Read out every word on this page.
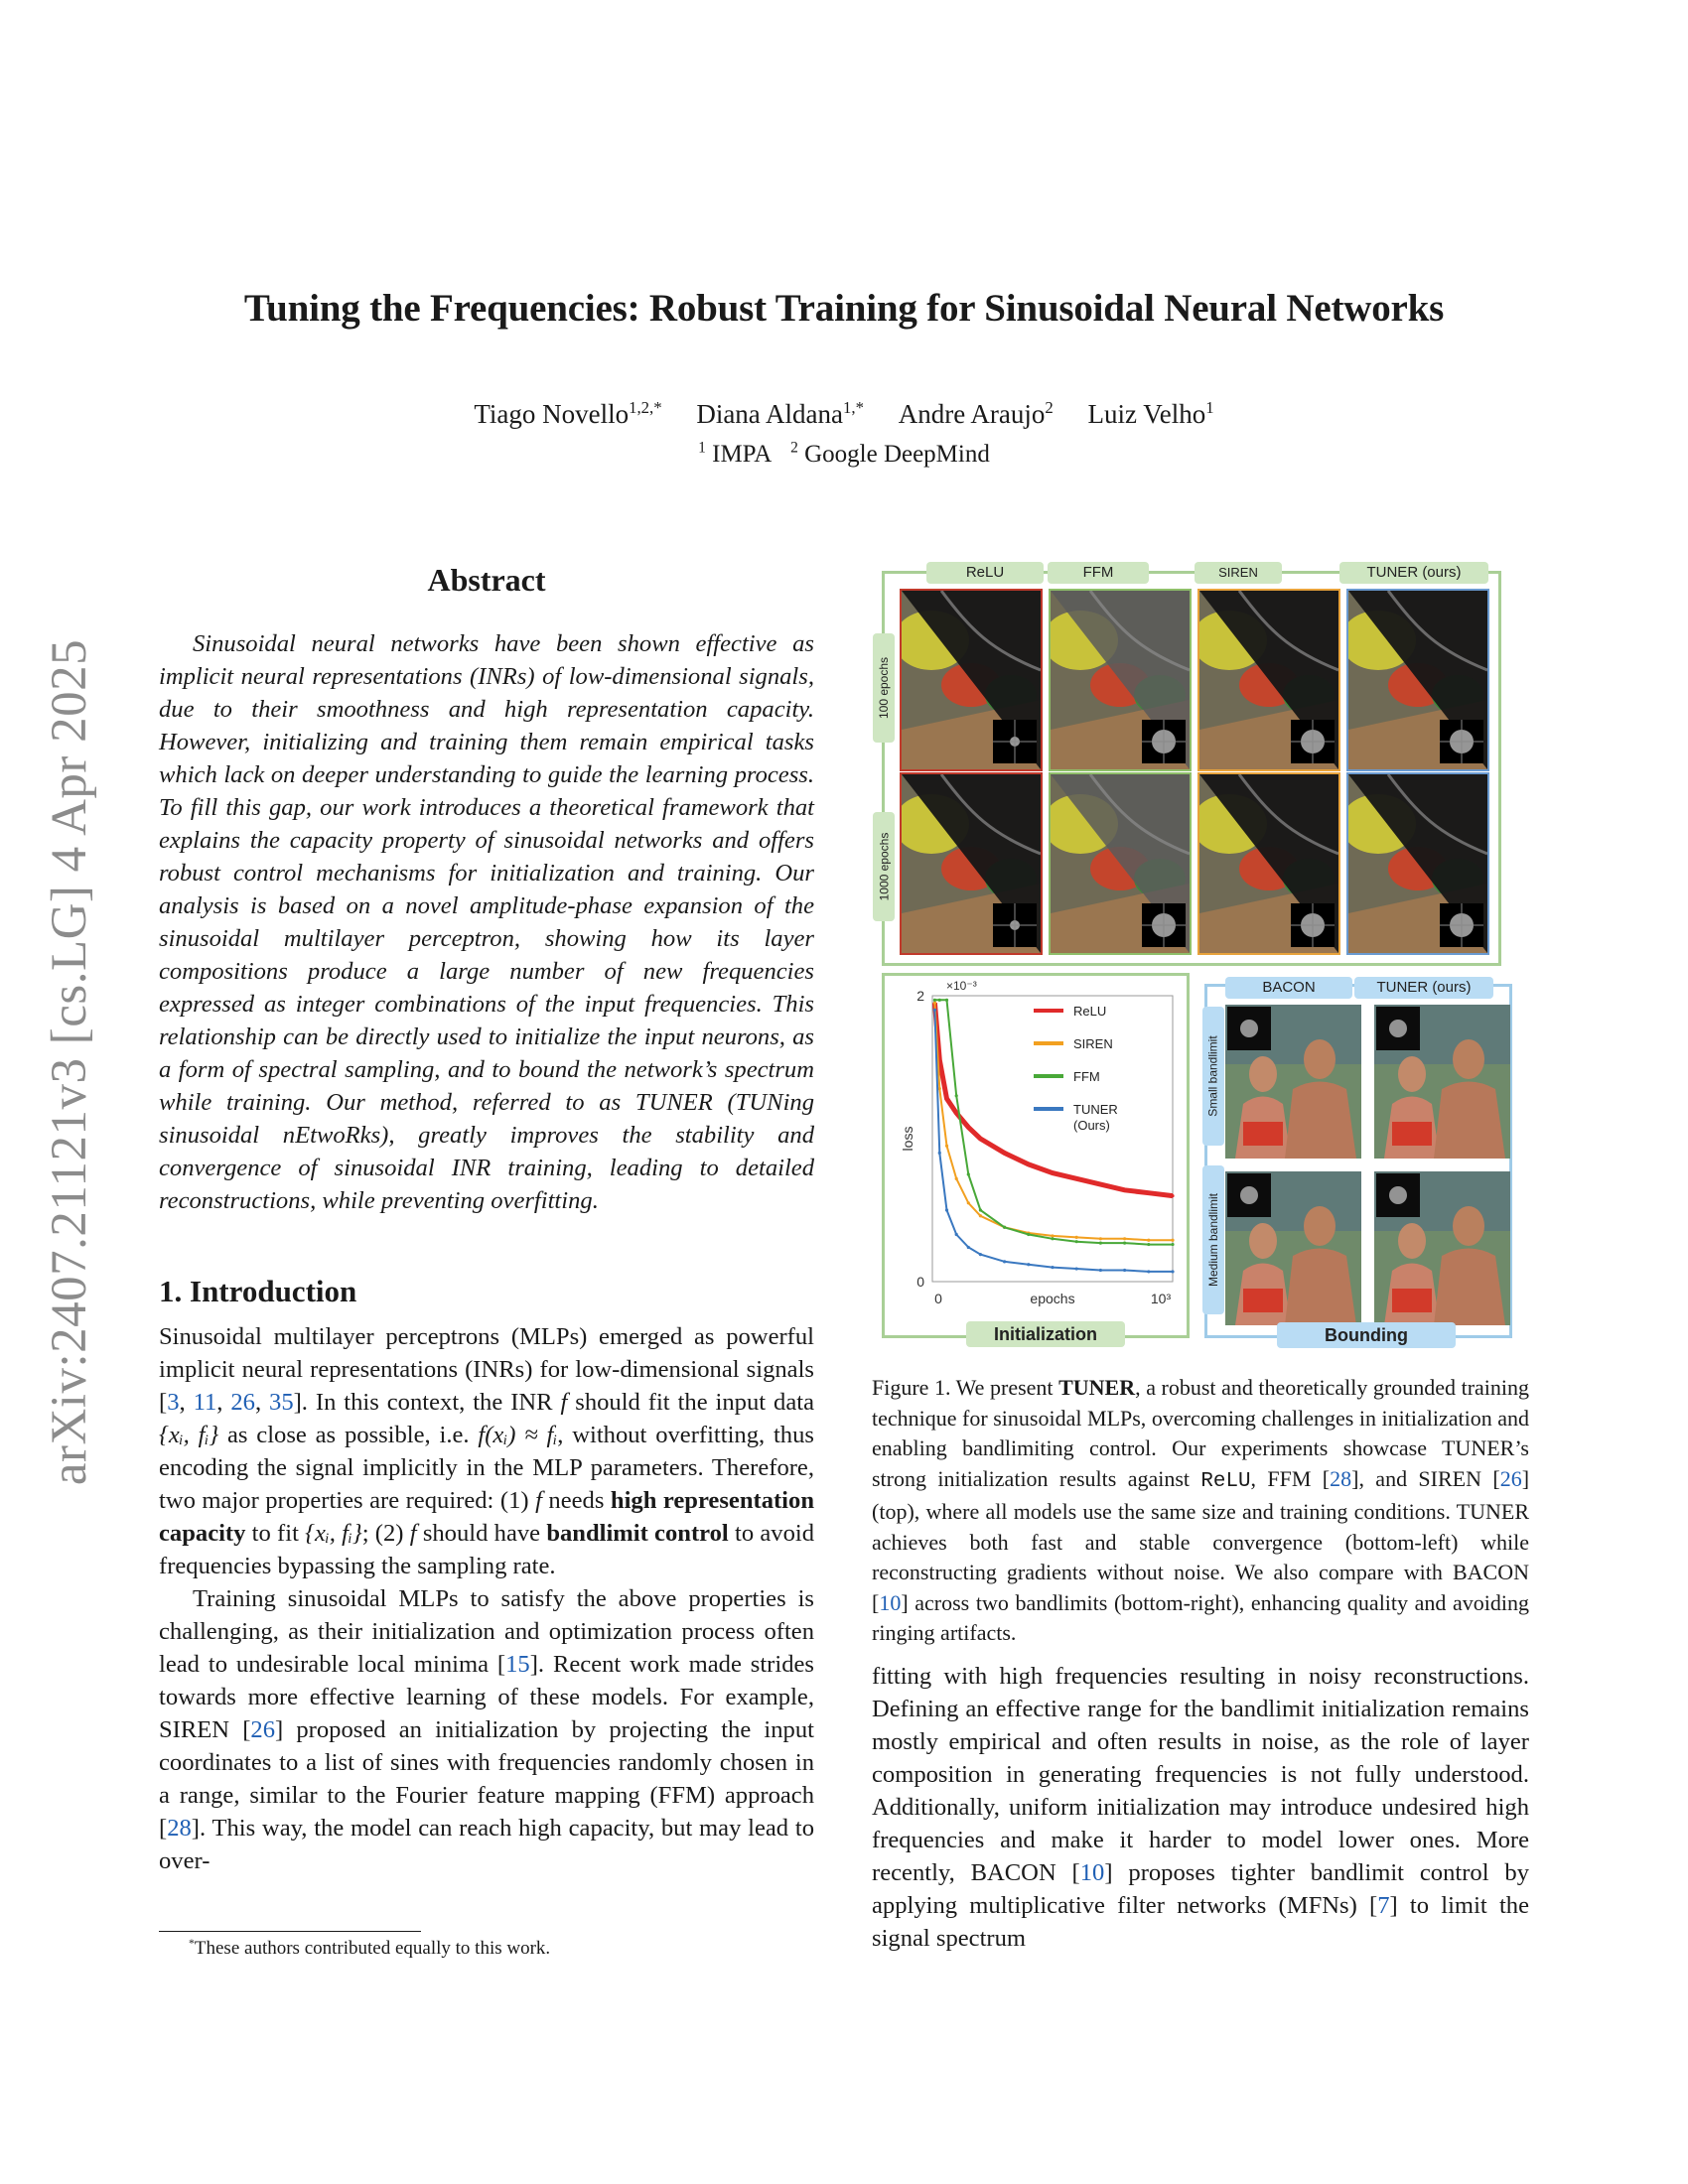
arXiv:2407.21121v3 [cs.LG] 4 Apr 2025
Tuning the Frequencies: Robust Training for Sinusoidal Neural Networks
Tiago Novello$^{1,2,*}$ Diana Aldana$^{1,*}$ Andre Araujo$^2$ Luiz Velho$^1$
$^1$ IMPA $^2$ Google DeepMind
Abstract

Sinusoidal neural networks have been shown effective as implicit neural representations (INRs) of low-dimensional signals, due to their smoothness and high representation capacity. However, initializing and training them remain empirical tasks which lack on deeper understanding to guide the learning process. To fill this gap, our work introduces a theoretical framework that explains the capacity property of sinusoidal networks and offers robust control mechanisms for initialization and training. Our analysis is based on a novel amplitude-phase expansion of the sinusoidal multilayer perceptron, showing how its layer compositions produce a large number of new frequencies expressed as integer combinations of the input frequencies. This relationship can be directly used to initialize the input neurons, as a form of spectral sampling, and to bound the network’s spectrum while training. Our method, referred to as TUNER (TUNing sinusoidal nEtwoRks), greatly improves the stability and convergence of sinusoidal INR training, leading to detailed reconstructions, while preventing overfitting.

1. Introduction

Sinusoidal multilayer perceptrons (MLPs) emerged as powerful implicit neural representations (INRs) for low-dimensional signals [3, 11, 26, 35]. In this context, the INR f should fit the input data {xᵢ, fᵢ} as close as possible, i.e. f(xᵢ) ≈ fᵢ, without overfitting, thus encoding the signal implicitly in the MLP parameters. Therefore, two major properties are required: (1) f needs high representation capacity to fit {xᵢ, fᵢ}; (2) f should have bandlimit control to avoid frequencies bypassing the sampling rate.

Training sinusoidal MLPs to satisfy the above properties is challenging, as their initialization and optimization process often lead to undesirable local minima [15]. Recent work made strides towards more effective learning of these models. For example, SIREN [26] proposed an initialization by projecting the input coordinates to a list of sines with frequencies randomly chosen in a range, similar to the Fourier feature mapping (FFM) approach [28]. This way, the model can reach high capacity, but may lead to over-

*These authors contributed equally to this work.
ReLU	FFM	SIREN	TUNER (ours)
100 epochs
1000 epochs
2
0
×10⁻³
0	10³
epochs
loss
ReLU
SIREN
FFM
TUNER
(Ours)
Initialization
BACON	TUNER (ours)
Small bandlimit
Medium bandlimit
Bounding
Figure 1. We present TUNER, a robust and theoretically grounded training technique for sinusoidal MLPs, overcoming challenges in initialization and enabling bandlimiting control. Our experiments showcase TUNER’s strong initialization results against ReLU, FFM [28], and SIREN [26] (top), where all models use the same size and training conditions. TUNER achieves both fast and stable convergence (bottom-left) while reconstructing gradients without noise. We also compare with BACON [10] across two bandlimits (bottom-right), enhancing quality and avoiding ringing artifacts.

fitting with high frequencies resulting in noisy reconstructions. Defining an effective range for the bandlimit initialization remains mostly empirical and often results in noise, as the role of layer composition in generating frequencies is not fully understood. Additionally, uniform initialization may introduce undesired high frequencies and make it harder to model lower ones. More recently, BACON [10] proposes tighter bandlimit control by applying multiplicative filter networks (MFNs) [7] to limit the signal spectrum
